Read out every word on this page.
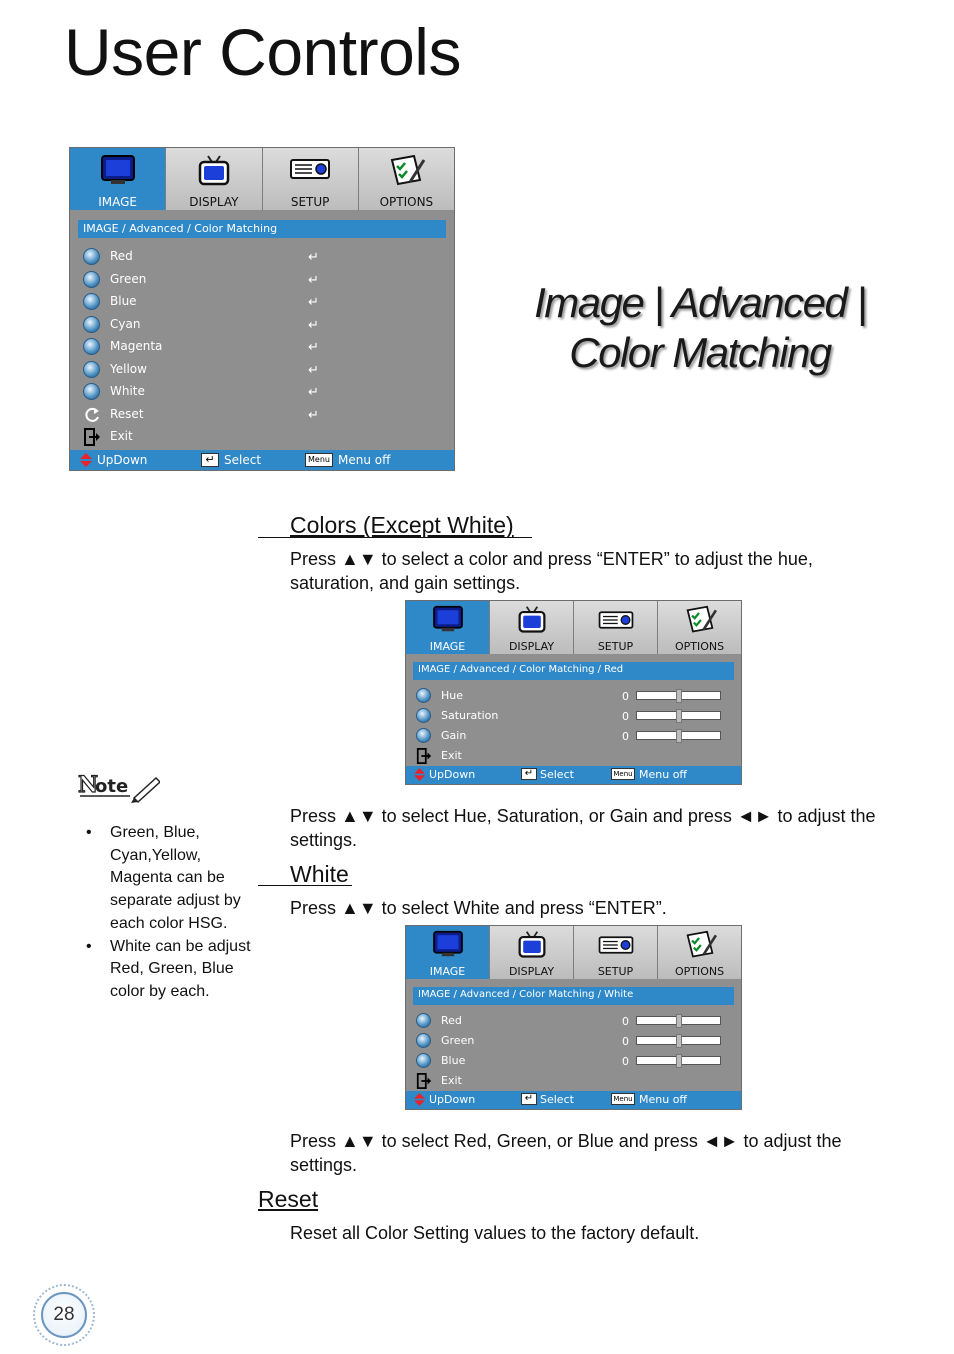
User Controls
Image | Advanced |
Color Matching
IMAGE	DISPLAY	SETUP	OPTIONS
IMAGE / Advanced / Color Matching
Red	↵
Green	↵
Blue	↵
Cyan	↵
Magenta	↵
Yellow	↵
White	↵
Reset	↵
Exit
UpDown	↵ Select	Menu Menu off
Colors (Except White)
Press ▲▼ to select a color and press “ENTER” to adjust the hue, saturation, and gain settings.
IMAGE	DISPLAY	SETUP	OPTIONS
IMAGE / Advanced / Color Matching / Red
Hue	0
Saturation	0
Gain	0
Exit
UpDown	↵ Select	Menu Menu off
N
ote
• Green, Blue, Cyan,Yellow, Magenta can be separate adjust by each color HSG.
• White can be adjust Red, Green, Blue color by each.
Press ▲▼ to select Hue, Saturation, or Gain and press ◄► to adjust the settings.
White
Press ▲▼ to select White and press “ENTER”.
IMAGE	DISPLAY	SETUP	OPTIONS
IMAGE / Advanced / Color Matching / White
Red	0
Green	0
Blue	0
Exit
UpDown	↵ Select	Menu Menu off
Press ▲▼ to select Red, Green, or Blue and press ◄► to adjust the settings.
Reset
Reset all Color Setting values to the factory default.
28
